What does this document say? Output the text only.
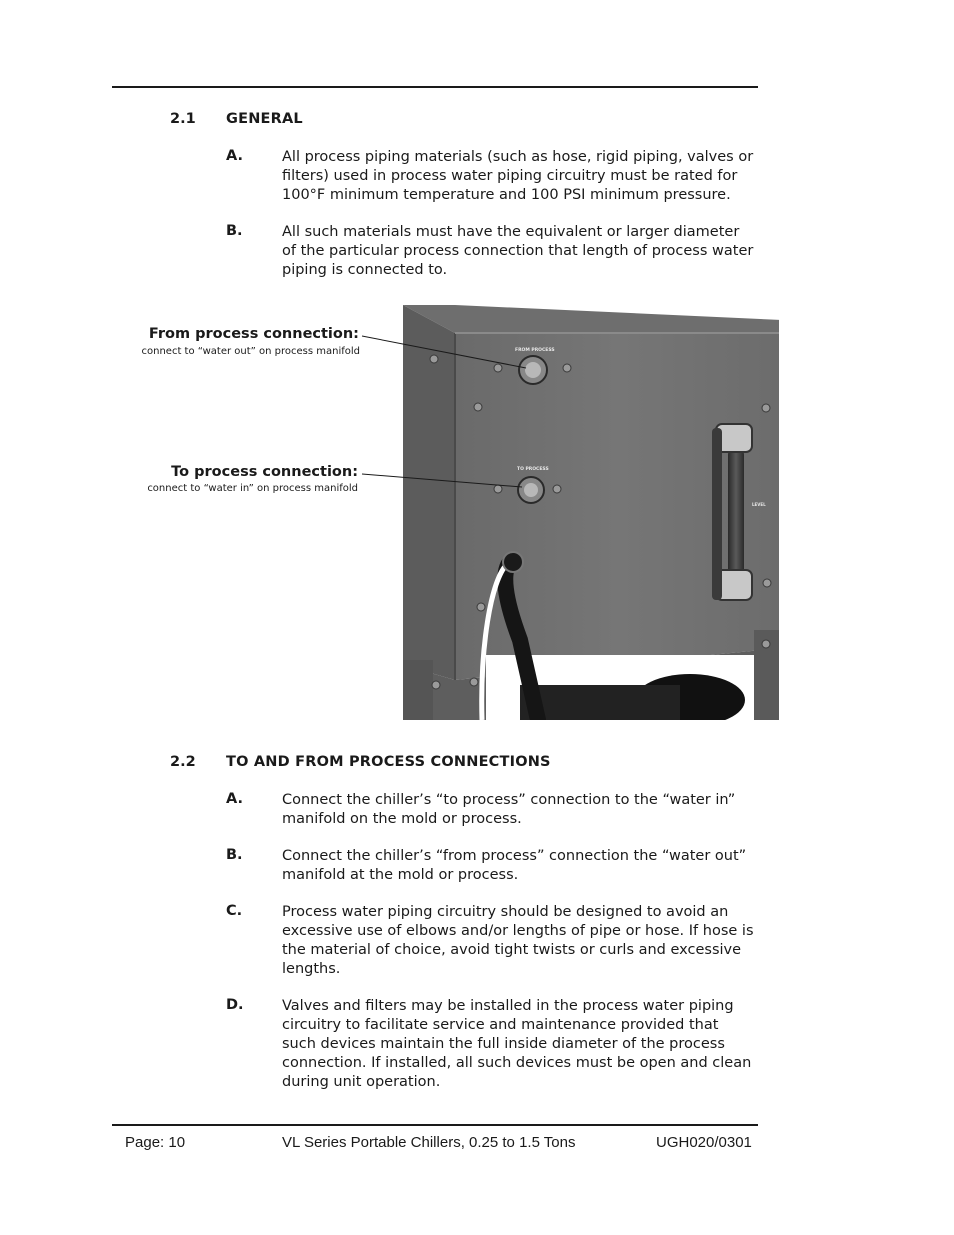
2.1 GENERAL
A.	All process piping materials (such as hose, rigid piping, valves or filters) used in process water piping circuitry must be rated for 100°F minimum temperature and 100 PSI minimum pressure.
B.	All such materials must have the equivalent or larger diameter of the particular process connection that length of process water piping is connected to.
From process connection:
connect to “water out” on process manifold
To process connection:
connect to “water in” on process manifold
FROM PROCESS
TO PROCESS
LEVEL
2.2 TO AND FROM PROCESS CONNECTIONS
A.	Connect the chiller’s “to process” connection to the “water in” manifold on the mold or process.
B.	Connect the chiller’s “from process” connection the “water out” manifold at the mold or process.
C.	Process water piping circuitry should be designed to avoid an excessive use of elbows and/or lengths of pipe or hose. If hose is the material of choice, avoid tight twists or curls and excessive lengths.
D.	Valves and filters may be installed in the process water piping circuitry to facilitate service and maintenance provided that such devices maintain the full inside diameter of the process connection. If installed, all such devices must be open and clean during unit operation.
Page: 10	VL Series Portable Chillers, 0.25 to 1.5 Tons	UGH020/0301
